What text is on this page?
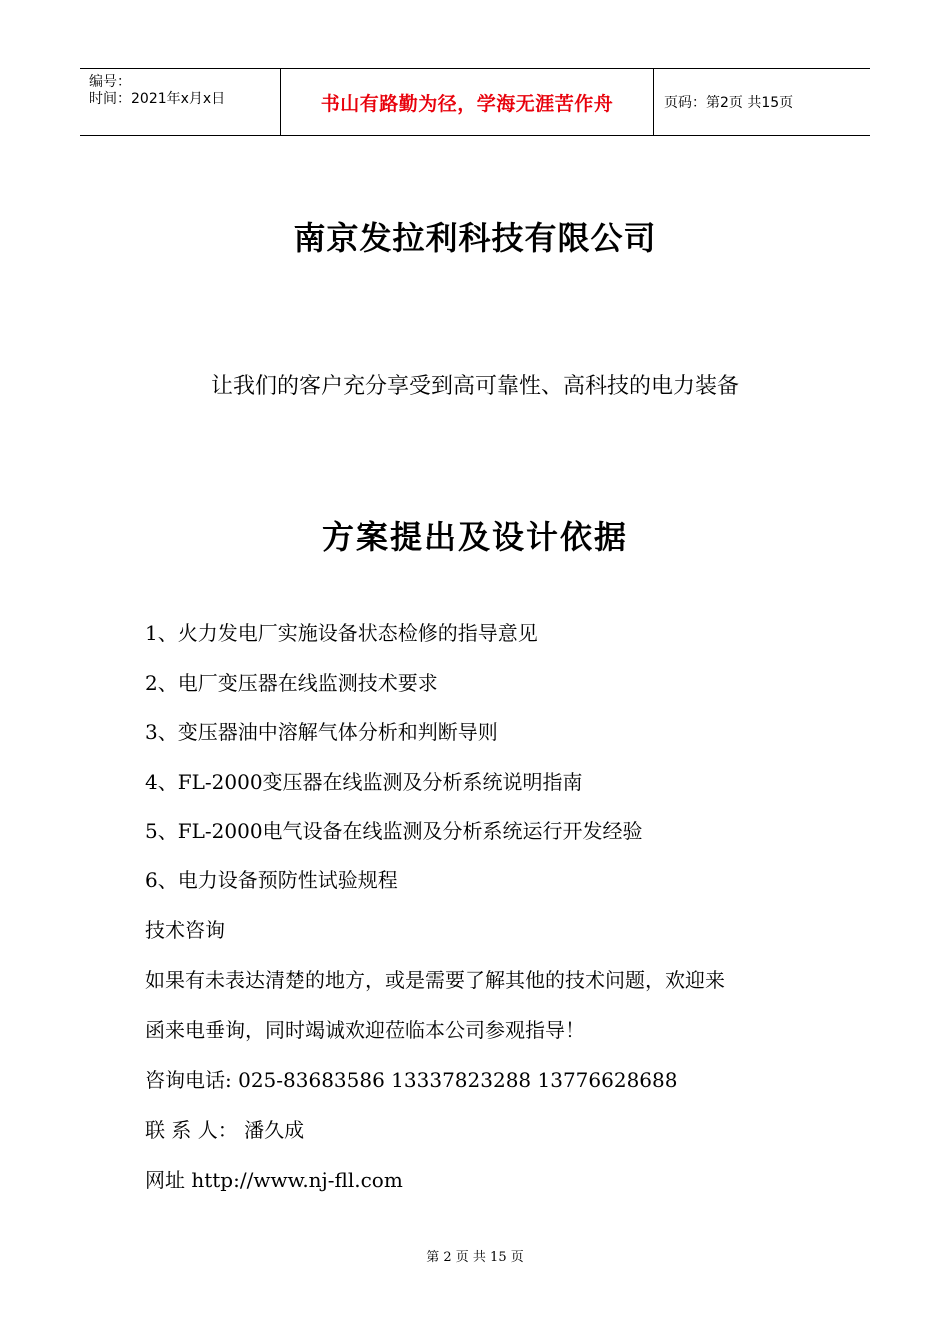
编号：
时间：2021年x月x日	书山有路勤为径，学海无涯苦作舟	页码：第2页 共15页
南京发拉利科技有限公司
让我们的客户充分享受到高可靠性、高科技的电力装备
方案提出及设计依据
1、火力发电厂实施设备状态检修的指导意见
2、电厂变压器在线监测技术要求
3、变压器油中溶解气体分析和判断导则
4、FL-2000变压器在线监测及分析系统说明指南
5、FL-2000电气设备在线监测及分析系统运行开发经验
6、电力设备预防性试验规程
技术咨询
如果有未表达清楚的地方，或是需要了解其他的技术问题，欢迎来
函来电垂询，同时竭诚欢迎莅临本公司参观指导！
咨询电话: 025-83683586 13337823288 13776628688
联 系 人： 潘久成
网址 http://www.nj-fll.com
第 2 页 共 15 页
